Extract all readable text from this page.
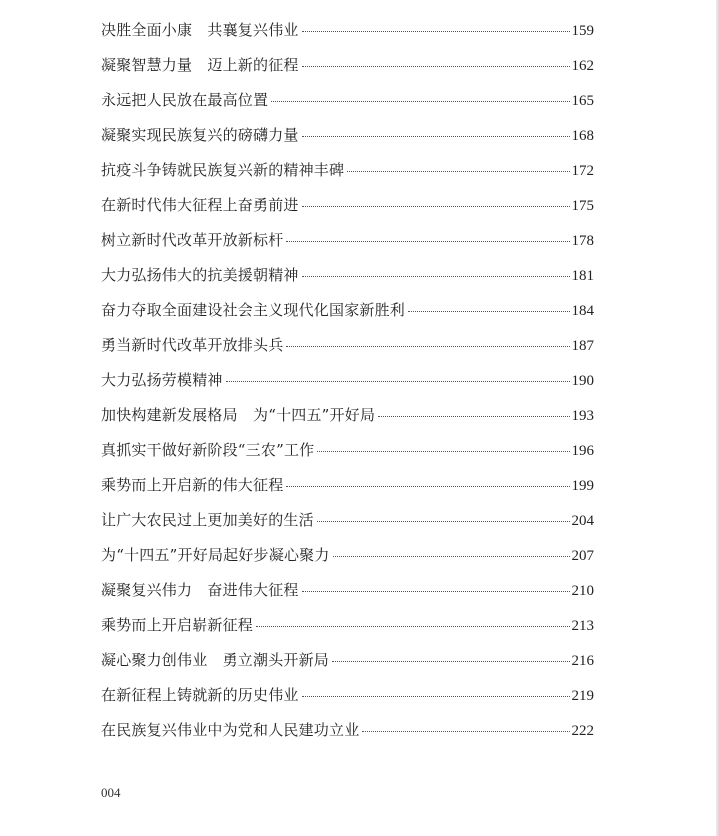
决胜全面小康　共襄复兴伟业	159
凝聚智慧力量　迈上新的征程	162
永远把人民放在最高位置	165
凝聚实现民族复兴的磅礴力量	168
抗疫斗争铸就民族复兴新的精神丰碑	172
在新时代伟大征程上奋勇前进	175
树立新时代改革开放新标杆	178
大力弘扬伟大的抗美援朝精神	181
奋力夺取全面建设社会主义现代化国家新胜利	184
勇当新时代改革开放排头兵	187
大力弘扬劳模精神	190
加快构建新发展格局　为“十四五”开好局	193
真抓实干做好新阶段“三农”工作	196
乘势而上开启新的伟大征程	199
让广大农民过上更加美好的生活	204
为“十四五”开好局起好步凝心聚力	207
凝聚复兴伟力　奋进伟大征程	210
乘势而上开启崭新征程	213
凝心聚力创伟业　勇立潮头开新局	216
在新征程上铸就新的历史伟业	219
在民族复兴伟业中为党和人民建功立业	222
004
